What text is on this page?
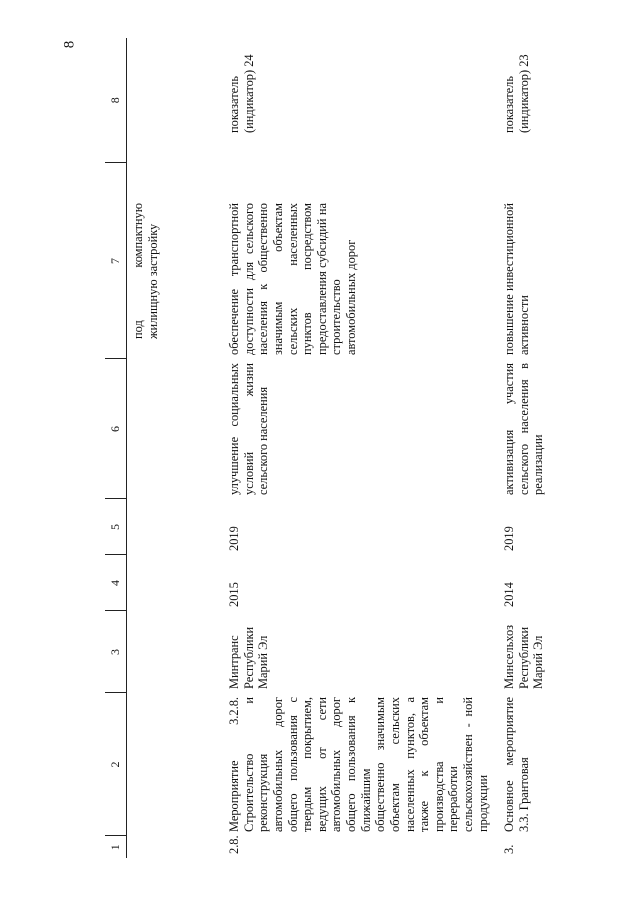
8
1	2	3	4	5	6	7	8
						под компактную жилищную застройку	
2.8.	Мероприятие 3.2.8. Строительство и реконструкция автомобильных дорог общего пользования с твердым покрытием, ведущих от сети автомобильных дорог общего пользования к ближайшим общественно значимым объектам сельских населенных пунктов, а также к объектам производства и переработки сельскохозяйствен - ной продукции	Минтранс Республики Марий Эл	2015	2019	улучшение социальных условий жизни сельского населения	обеспечение транспортной доступности для сельского населения к общественно значимым объектам сельских населенных пунктов посредством предоставления субсидий на строительство автомобильных дорог	показатель (индикатор) 24
3.	Основное мероприятие 3.3. Грантовая	Минсельхоз Республики Марий Эл	2014	2019	активизация участия сельского населения в реализации	повышение инвестиционной активности	показатель (индикатор) 23
